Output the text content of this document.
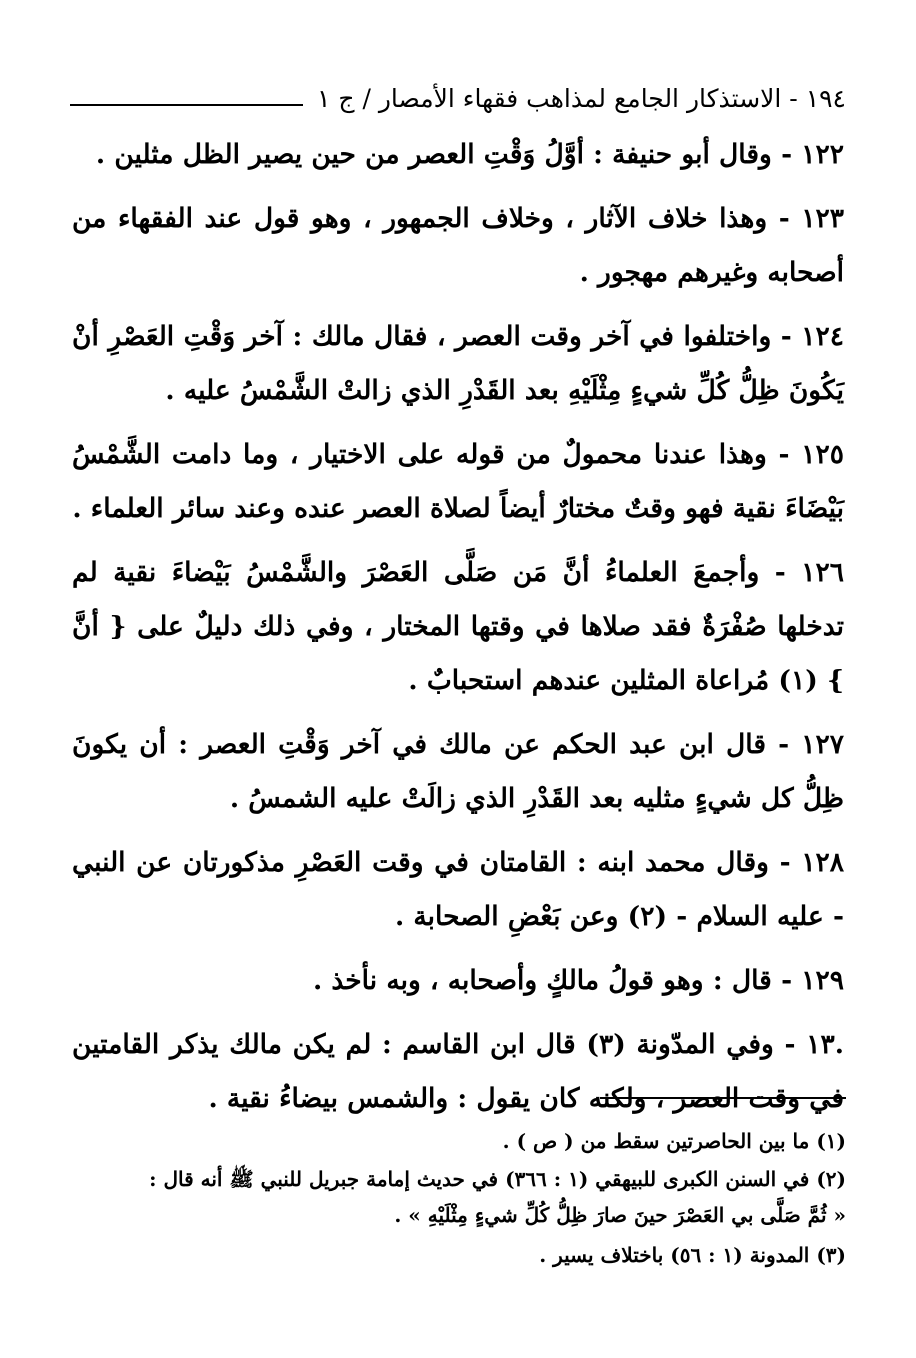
١٩٤ - الاستذكار الجامع لمذاهب فقهاء الأمصار / ج ١

١٢٢ - وقال أبو حنيفة : أوَّلُ وَقْتِ العصر من حين يصير الظل مثلين .

١٢٣ - وهذا خلاف الآثار ، وخلاف الجمهور ، وهو قول عند الفقهاء من أصحابه وغيرهم مهجور .

١٢٤ - واختلفوا في آخر وقت العصر ، فقال مالك : آخر وَقْتِ العَصْرِ أنْ يَكُونَ ظِلُّ كُلِّ شيءٍ مِثْلَيْهِ بعد القَدْرِ الذي زالتْ الشَّمْسُ عليه .

١٢٥ - وهذا عندنا محمولٌ من قوله على الاختيار ، وما دامت الشَّمْسُ بَيْضَاءَ نقية فهو وقتٌ مختارٌ أيضاً لصلاة العصر عنده وعند سائر العلماء .

١٢٦ - وأجمعَ العلماءُ أنَّ مَن صَلَّى العَصْرَ والشَّمْسُ بَيْضاءَ نقية لم تدخلها صُفْرَةٌ فقد صلاها في وقتها المختار ، وفي ذلك دليلٌ على { أنَّ } (١) مُراعاة المثلين عندهم استحبابٌ .

١٢٧ - قال ابن عبد الحكم عن مالك في آخر وَقْتِ العصر : أن يكونَ ظِلُّ كل شيءٍ مثليه بعد القَدْرِ الذي زالَتْ عليه الشمسُ .

١٢٨ - وقال محمد ابنه : القامتان في وقت العَصْرِ مذكورتان عن النبي - عليه السلام - (٢) وعن بَعْضِ الصحابة .

١٢٩ - قال : وهو قولُ مالكٍ وأصحابه ، وبه نأخذ .

.١٣ - وفي المدّونة (٣) قال ابن القاسم : لم يكن مالك يذكر القامتين في وقت العصر ، ولكنه كان يقول : والشمس بيضاءُ نقية .

(١) ما بين الحاصرتين سقط من ( ص ) .

(٢) في السنن الكبرى للبيهقي (١ : ٣٦٦) في حديث إمامة جبريل للنبي ﷺ أنه قال :

« ثُمَّ صَلَّى بي العَصْرَ حينَ صارَ ظِلُّ كُلِّ شيءٍ مِثْلَيْهِ » .

(٣) المدونة (١ : ٥٦) باختلاف يسير .
